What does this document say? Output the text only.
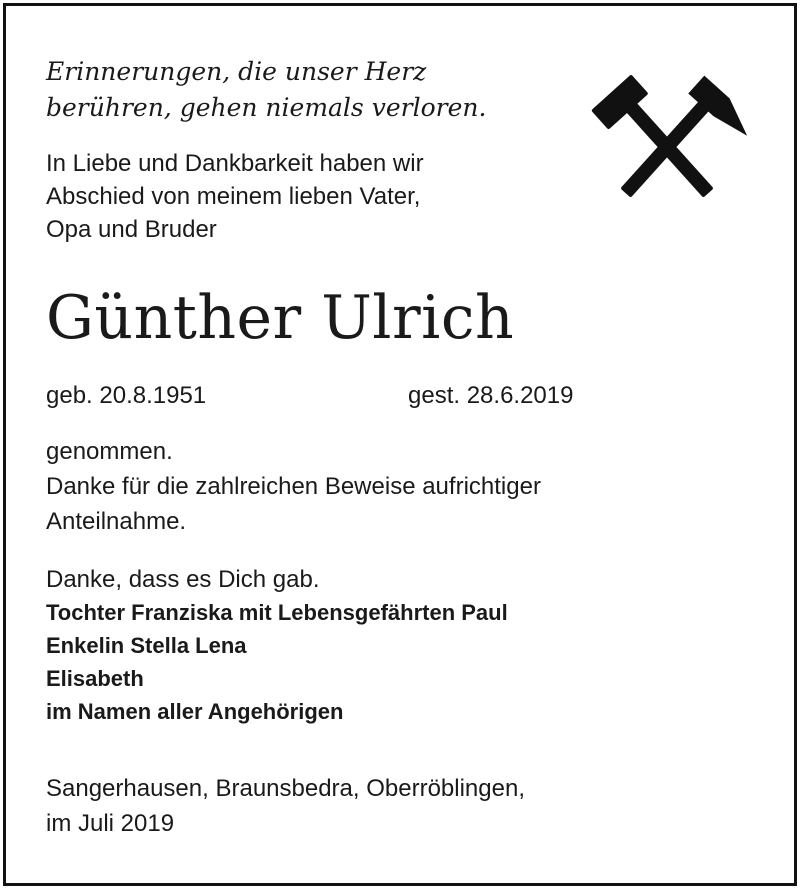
Erinnerungen, die unser Herz
berühren, gehen niemals verloren.
In Liebe und Dankbarkeit haben wir
Abschied von meinem lieben Vater,
Opa und Bruder
Günther Ulrich
geb. 20.8.1951	gest. 28.6.2019
genommen.
Danke für die zahlreichen Beweise aufrichtiger
Anteilnahme.
Danke, dass es Dich gab.
Tochter Franziska mit Lebensgefährten Paul
Enkelin Stella Lena
Elisabeth
im Namen aller Angehörigen
Sangerhausen, Braunsbedra, Oberröblingen,
im Juli 2019
